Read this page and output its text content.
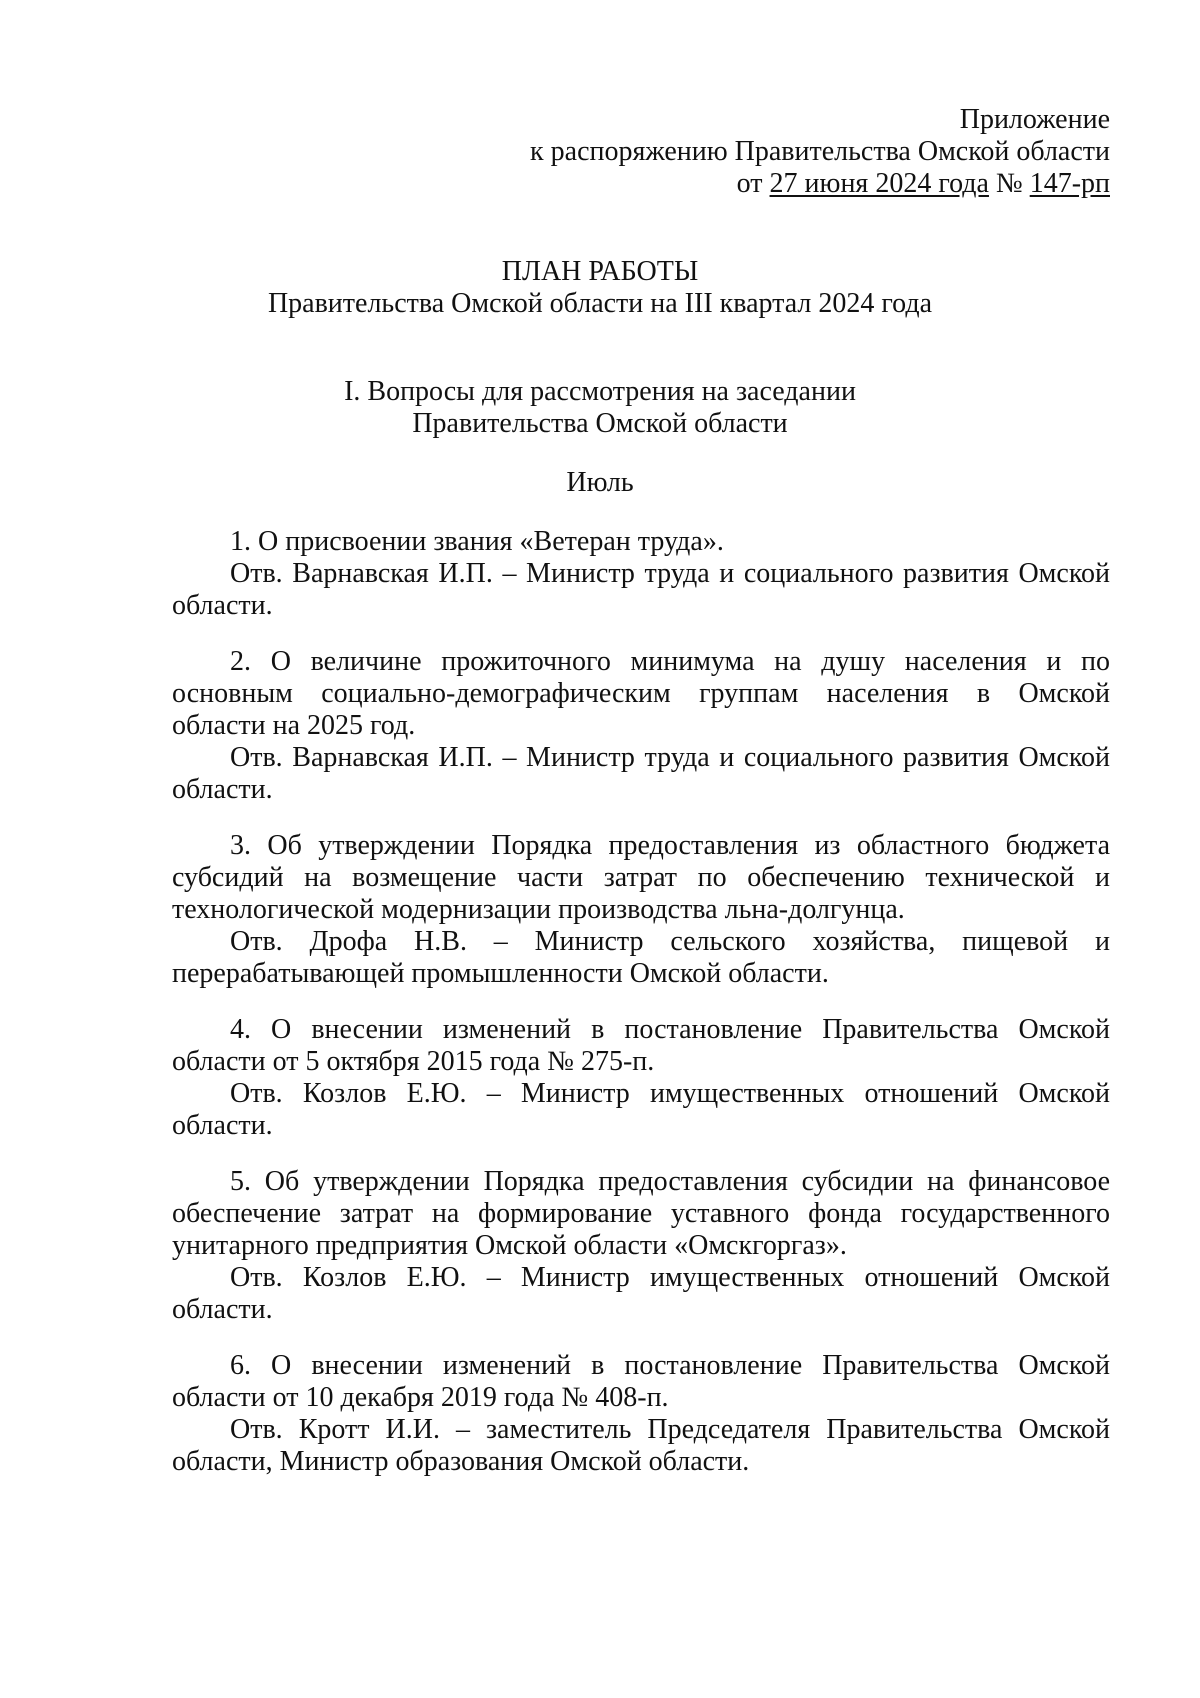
Приложение
к распоряжению Правительства Омской области
от 27 июня 2024 года № 147-рп
ПЛАН РАБОТЫ
Правительства Омской области на III квартал 2024 года
I. Вопросы для рассмотрения на заседании
Правительства Омской области
Июль
1. О присвоении звания «Ветеран труда».
Отв. Варнавская И.П. – Министр труда и социального развития Омской
области.
2. О величине прожиточного минимума на душу населения и по
основным социально-демографическим группам населения в Омской
области на 2025 год.
Отв. Варнавская И.П. – Министр труда и социального развития Омской
области.
3. Об утверждении Порядка предоставления из областного бюджета
субсидий на возмещение части затрат по обеспечению технической и
технологической модернизации производства льна-долгунца.
Отв. Дрофа Н.В. – Министр сельского хозяйства, пищевой и
перерабатывающей промышленности Омской области.
4. О внесении изменений в постановление Правительства Омской
области от 5 октября 2015 года № 275-п.
Отв. Козлов Е.Ю. – Министр имущественных отношений Омской
области.
5. Об утверждении Порядка предоставления субсидии на финансовое
обеспечение затрат на формирование уставного фонда государственного
унитарного предприятия Омской области «Омскгоргаз».
Отв. Козлов Е.Ю. – Министр имущественных отношений Омской
области.
6. О внесении изменений в постановление Правительства Омской
области от 10 декабря 2019 года № 408-п.
Отв. Кротт И.И. – заместитель Председателя Правительства Омской
области, Министр образования Омской области.
